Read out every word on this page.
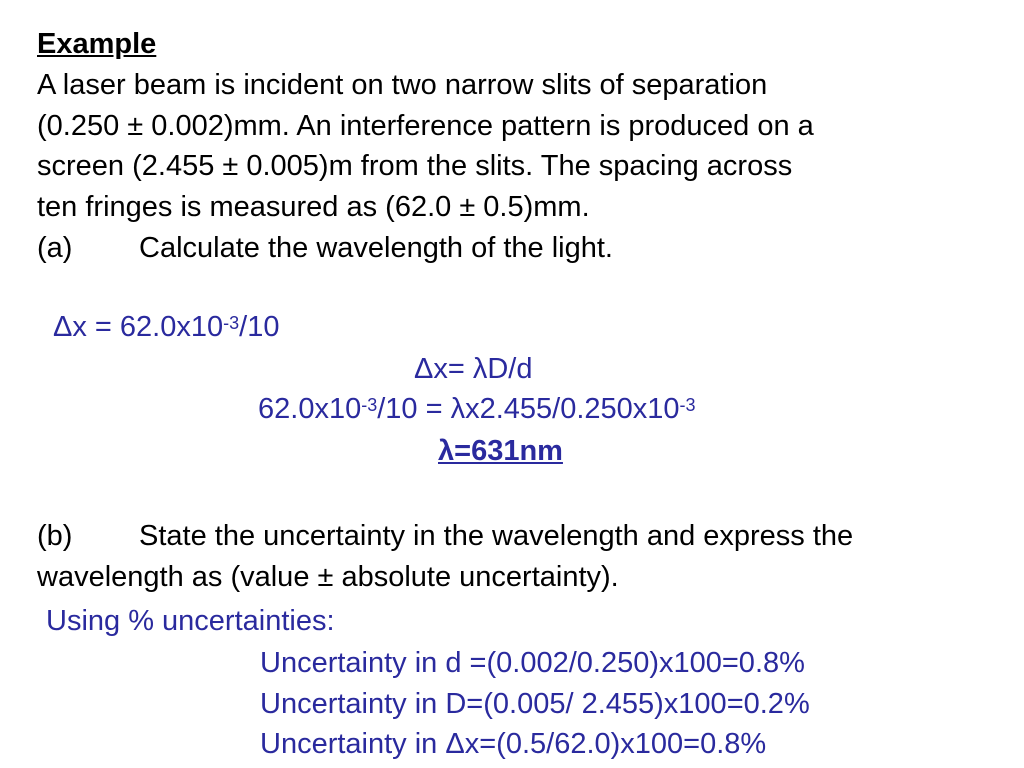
Example
A laser beam is incident on two narrow slits of separation
(0.250 ± 0.002)mm. An interference pattern is produced on a
screen (2.455 ± 0.005)m from the slits. The spacing across
ten fringes is measured as (62.0 ± 0.5)mm.
(a) Calculate the wavelength of the light.
$\Delta x = 62.0x10^{-3}/10$
Δx= λD/d
$62.0x10^{-3}/10 = \lambda x2.455/0.250x10^{-3}$
λ=631nm
(b) State the uncertainty in the wavelength and express the
wavelength as (value ± absolute uncertainty).
Using % uncertainties:
Uncertainty in d =(0.002/0.250)x100=0.8%
Uncertainty in D=(0.005/ 2.455)x100=0.2%
Uncertainty in Δx=(0.5/62.0)x100=0.8%
